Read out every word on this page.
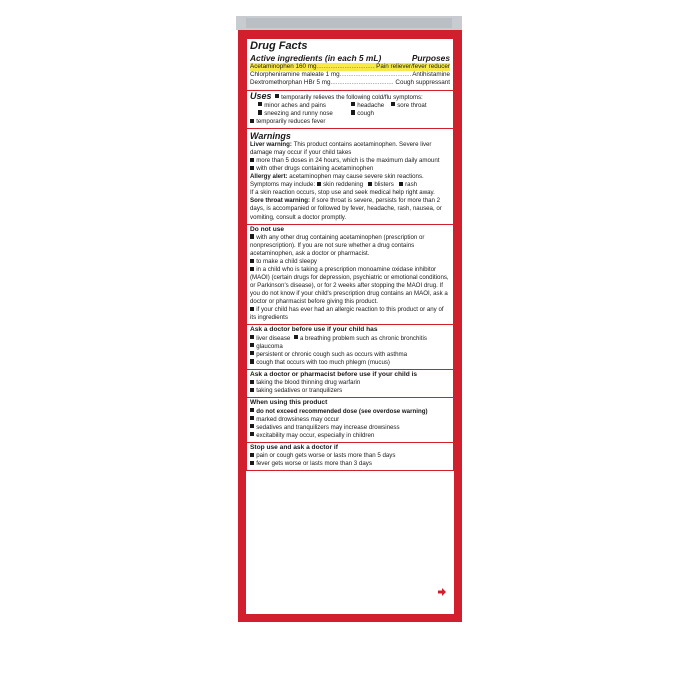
Drug Facts
Active ingredients (in each 5 mL)	Purposes
Acetaminophen 160 mg .....	Pain reliever/fever reducer
Chlorpheniramine maleate 1 mg .....	Antihistamine
Dextromethorphan HBr 5 mg .....	Cough suppressant
Uses temporarily relieves the following cold/flu symptoms:
minor aches and pains	headache	sore throat
sneezing and runny nose	cough
temporarily reduces fever
Warnings
Liver warning: This product contains acetaminophen. Severe liver damage may occur if your child takes
more than 5 doses in 24 hours, which is the maximum daily amount
with other drugs containing acetaminophen
Allergy alert: acetaminophen may cause severe skin reactions.
Symptoms may include: skin reddening blisters rash
If a skin reaction occurs, stop use and seek medical help right away.
Sore throat warning: if sore throat is severe, persists for more than 2 days, is accompanied or followed by fever, headache, rash, nausea, or vomiting, consult a doctor promptly.
Do not use
with any other drug containing acetaminophen (prescription or nonprescription). If you are not sure whether a drug contains acetaminophen, ask a doctor or pharmacist.
to make a child sleepy
in a child who is taking a prescription monoamine oxidase inhibitor (MAOI) (certain drugs for depression, psychiatric or emotional conditions, or Parkinson's disease), or for 2 weeks after stopping the MAOI drug. If you do not know if your child's prescription drug contains an MAOI, ask a doctor or pharmacist before giving this product.
if your child has ever had an allergic reaction to this product or any of its ingredients
Ask a doctor before use if your child has
liver disease a breathing problem such as chronic bronchitis
glaucoma
persistent or chronic cough such as occurs with asthma
cough that occurs with too much phlegm (mucus)
Ask a doctor or pharmacist before use if your child is
taking the blood thinning drug warfarin
taking sedatives or tranquilizers
When using this product
do not exceed recommended dose (see overdose warning)
marked drowsiness may occur
sedatives and tranquilizers may increase drowsiness
excitability may occur, especially in children
Stop use and ask a doctor if
pain or cough gets worse or lasts more than 5 days
fever gets worse or lasts more than 3 days
